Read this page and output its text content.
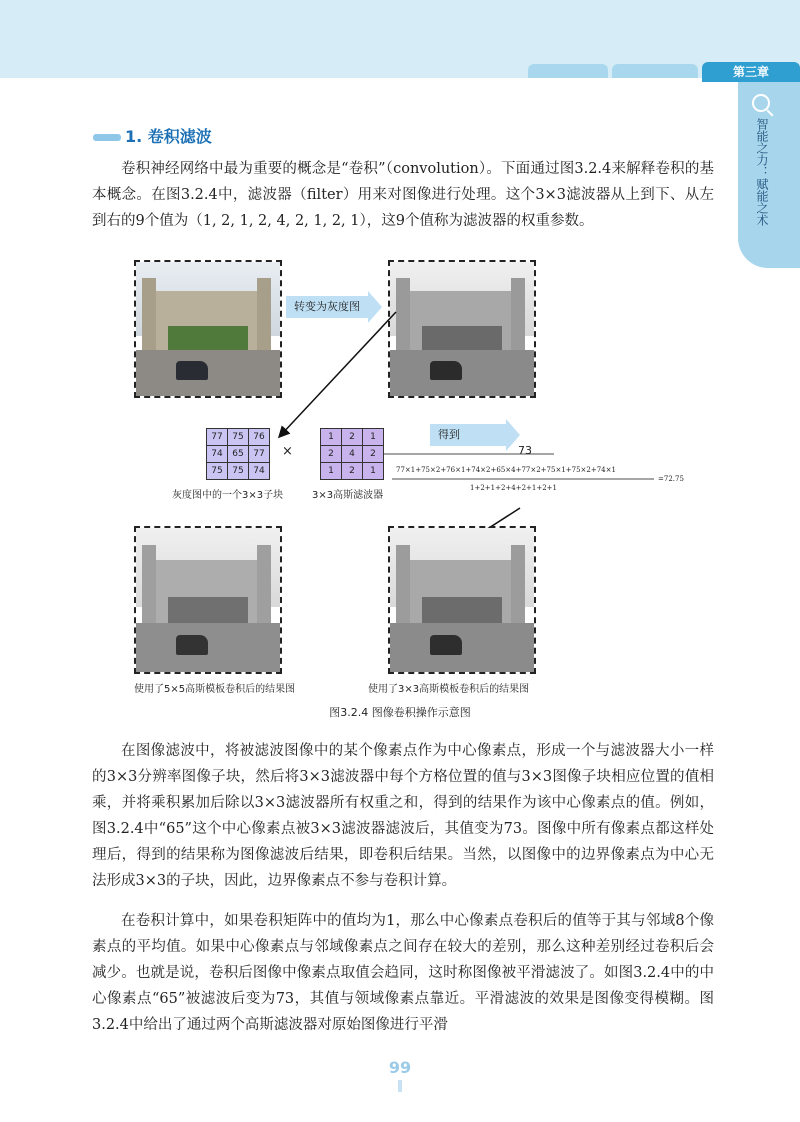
第三章
智能之力：赋能之术
1. 卷积滤波

卷积神经网络中最为重要的概念是“卷积”（convolution）。下面通过图3.2.4来解释卷积的基本概念。在图3.2.4中，滤波器（filter）用来对图像进行处理。这个3×3滤波器从上到下、从左到右的9个值为（1, 2, 1, 2, 4, 2, 1, 2, 1），这9个值称为滤波器的权重参数。

转变为灰度图
77	75	76
74	65	77
75	75	74
×
1	2	1
2	4	2
1	2	1
得到
73
77×1+75×2+76×1+74×2+65×4+77×2+75×1+75×2+74×1
1+2+1+2+4+2+1+2+1
=72.75
灰度图中的一个3×3子块	3×3高斯滤波器
使用了5×5高斯模板卷积后的结果图	使用了3×3高斯模板卷积后的结果图
图3.2.4 图像卷积操作示意图

在图像滤波中，将被滤波图像中的某个像素点作为中心像素点，形成一个与滤波器大小一样的3×3分辨率图像子块，然后将3×3滤波器中每个方格位置的值与3×3图像子块相应位置的值相乘，并将乘积累加后除以3×3滤波器所有权重之和，得到的结果作为该中心像素点的值。例如，图3.2.4中“65”这个中心像素点被3×3滤波器滤波后，其值变为73。图像中所有像素点都这样处理后，得到的结果称为图像滤波后结果，即卷积后结果。当然，以图像中的边界像素点为中心无法形成3×3的子块，因此，边界像素点不参与卷积计算。

在卷积计算中，如果卷积矩阵中的值均为1，那么中心像素点卷积后的值等于其与邻域8个像素点的平均值。如果中心像素点与邻域像素点之间存在较大的差别，那么这种差别经过卷积后会减少。也就是说，卷积后图像中像素点取值会趋同，这时称图像被平滑滤波了。如图3.2.4中的中心像素点“65”被滤波后变为73，其值与领域像素点靠近。平滑滤波的效果是图像变得模糊。图3.2.4中给出了通过两个高斯滤波器对原始图像进行平滑

99
